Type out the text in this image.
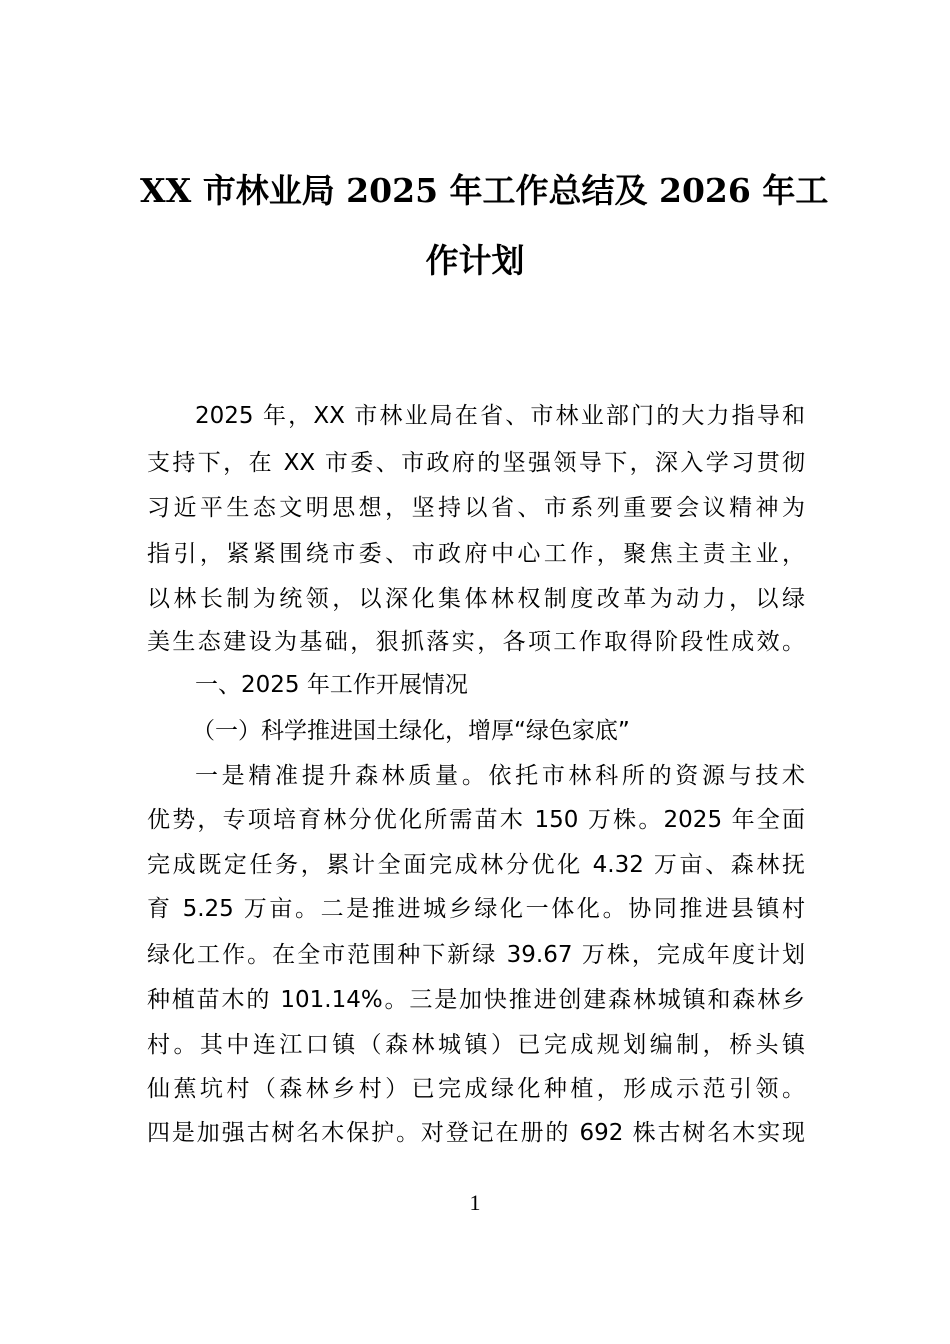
XX 市林业局 2025 年工作总结及 2026 年工
作计划
2025 年，XX 市林业局在省、市林业部门的大力指导和
支持下，在 XX 市委、市政府的坚强领导下，深入学习贯彻
习近平生态文明思想，坚持以省、市系列重要会议精神为
指引，紧紧围绕市委、市政府中心工作，聚焦主责主业，
以林长制为统领，以深化集体林权制度改革为动力，以绿
美生态建设为基础，狠抓落实，各项工作取得阶段性成效。
一、2025 年工作开展情况
（一）科学推进国土绿化，增厚“绿色家底”
一是精准提升森林质量。依托市林科所的资源与技术
优势，专项培育林分优化所需苗木 150 万株。2025 年全面
完成既定任务，累计全面完成林分优化 4.32 万亩、森林抚
育 5.25 万亩。二是推进城乡绿化一体化。协同推进县镇村
绿化工作。在全市范围种下新绿 39.67 万株，完成年度计划
种植苗木的 101.14%。三是加快推进创建森林城镇和森林乡
村。其中连江口镇（森林城镇）已完成规划编制，桥头镇
仙蕉坑村（森林乡村）已完成绿化种植，形成示范引领。
四是加强古树名木保护。对登记在册的 692 株古树名木实现
1
